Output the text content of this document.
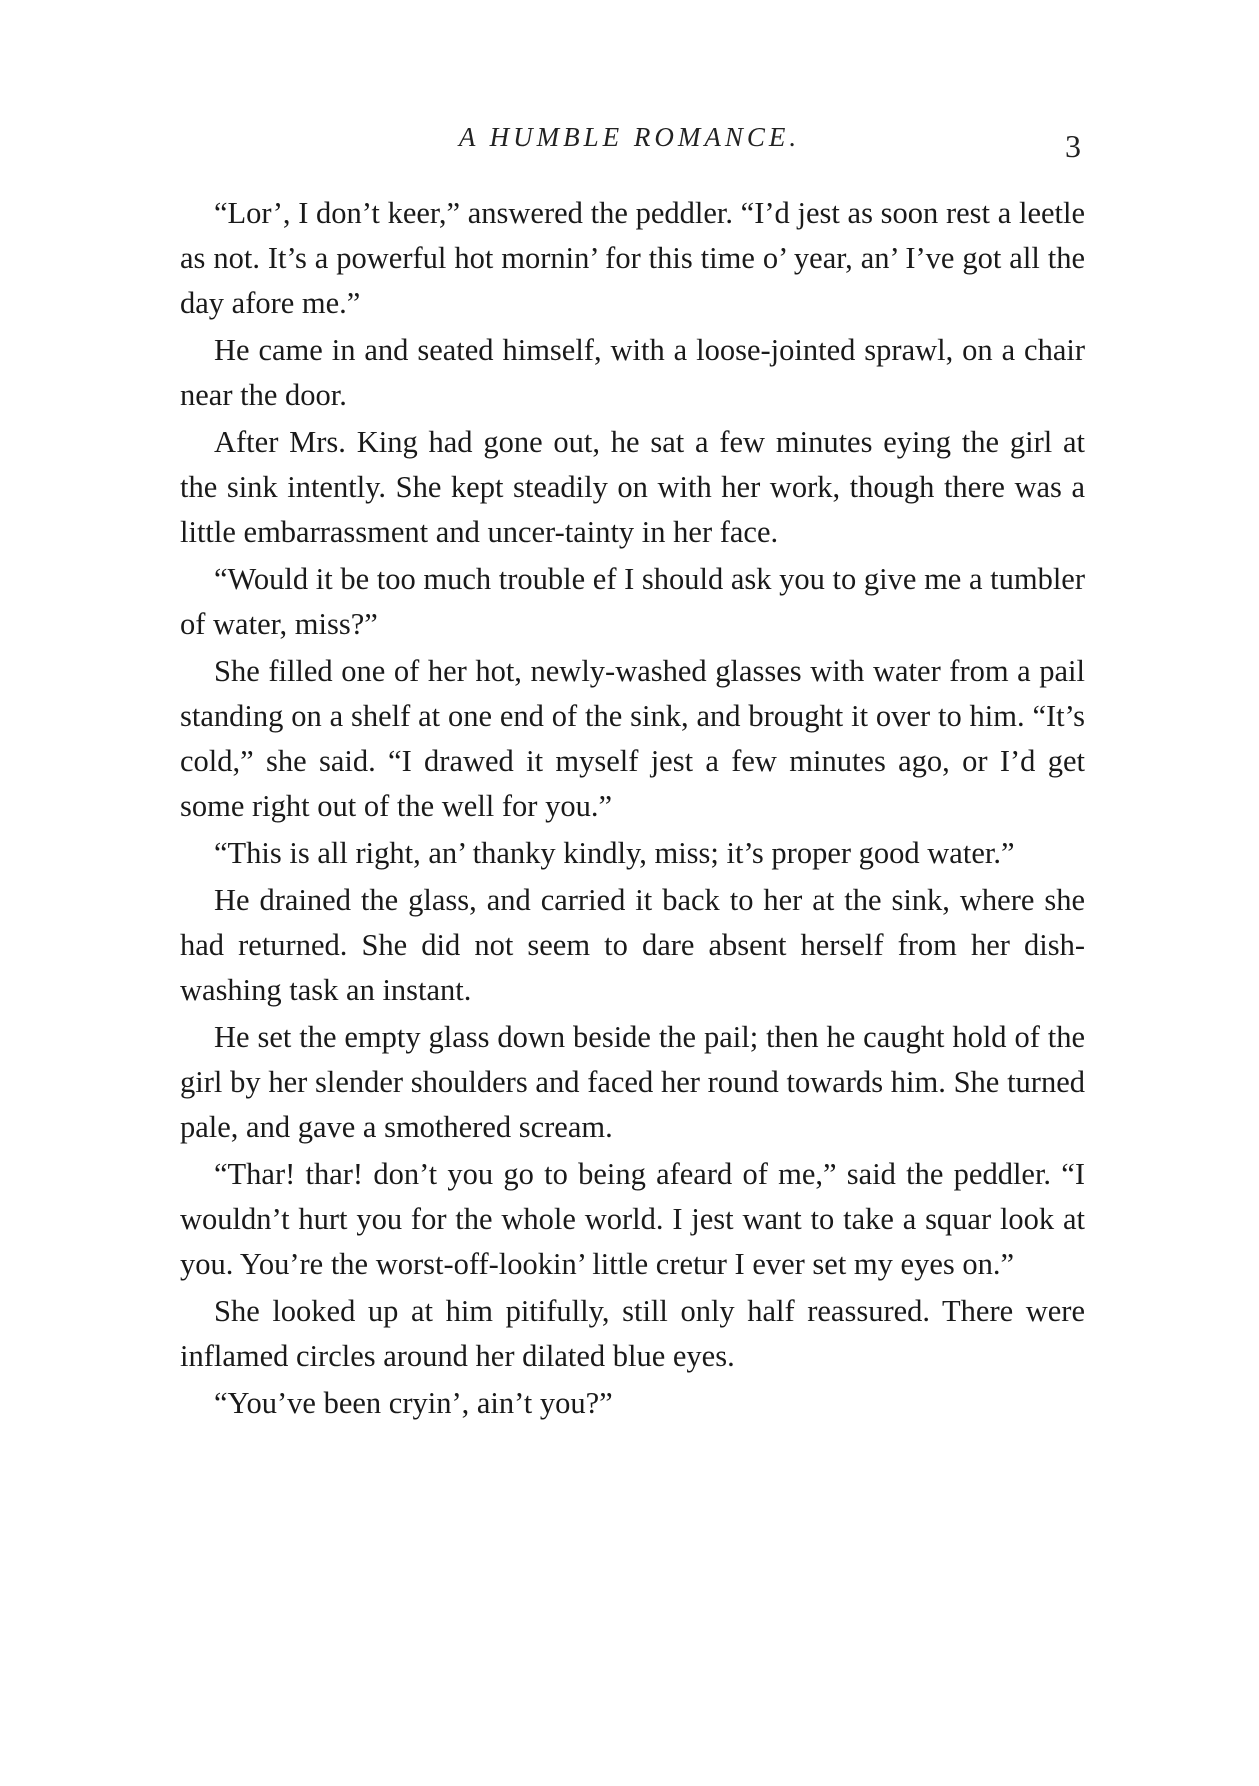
A HUMBLE ROMANCE.	3

“Lor’, I don’t keer,” answered the peddler. “I’d jest as soon rest a leetle as not. It’s a powerful hot mornin’ for this time o’ year, an’ I’ve got all the day afore me.”

He came in and seated himself, with a loose-jointed sprawl, on a chair near the door.

After Mrs. King had gone out, he sat a few minutes eying the girl at the sink intently. She kept steadily on with her work, though there was a little embarrassment and uncer-tainty in her face.

“Would it be too much trouble ef I should ask you to give me a tumbler of water, miss?”

She filled one of her hot, newly-washed glasses with water from a pail standing on a shelf at one end of the sink, and brought it over to him. “It’s cold,” she said. “I drawed it myself jest a few minutes ago, or I’d get some right out of the well for you.”

“This is all right, an’ thanky kindly, miss; it’s proper good water.”

He drained the glass, and carried it back to her at the sink, where she had returned. She did not seem to dare absent herself from her dish-washing task an instant.

He set the empty glass down beside the pail; then he caught hold of the girl by her slender shoulders and faced her round towards him. She turned pale, and gave a smothered scream.

“Thar! thar! don’t you go to being afeard of me,” said the peddler. “I wouldn’t hurt you for the whole world. I jest want to take a squar look at you. You’re the worst-off-lookin’ little cretur I ever set my eyes on.”

She looked up at him pitifully, still only half reassured. There were inflamed circles around her dilated blue eyes.

“You’ve been cryin’, ain’t you?”
